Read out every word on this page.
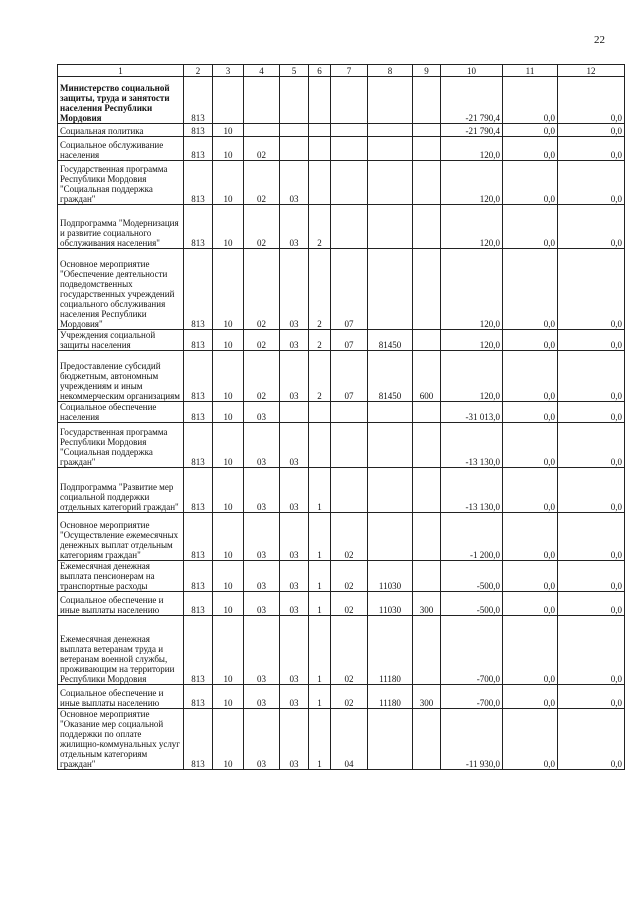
22
1	2	3	4	5	6	7	8	9	10	11	12
Министерство социальной защиты, труда и занятости населения Республики Мордовия	813								-21 790,4	0,0	0,0
Социальная политика	813	10							-21 790,4	0,0	0,0
Социальное обслуживание населения	813	10	02						120,0	0,0	0,0
Государственная программа Республики Мордовия "Социальная поддержка граждан"	813	10	02	03					120,0	0,0	0,0
Подпрограмма "Модернизация и развитие социального обслуживания населения"	813	10	02	03	2				120,0	0,0	0,0
Основное мероприятие "Обеспечение деятельности подведомственных государственных учреждений социального обслуживания населения Республики Мордовия"	813	10	02	03	2	07			120,0	0,0	0,0
Учреждения социальной защиты населения	813	10	02	03	2	07	81450		120,0	0,0	0,0
Предоставление субсидий бюджетным, автономным учреждениям и иным некоммерческим организациям	813	10	02	03	2	07	81450	600	120,0	0,0	0,0
Социальное обеспечение населения	813	10	03						-31 013,0	0,0	0,0
Государственная программа Республики Мордовия "Социальная поддержка граждан"	813	10	03	03					-13 130,0	0,0	0,0
Подпрограмма "Развитие мер социальной поддержки отдельных категорий граждан"	813	10	03	03	1				-13 130,0	0,0	0,0
Основное мероприятие "Осуществление ежемесячных денежных выплат отдельным категориям граждан"	813	10	03	03	1	02			-1 200,0	0,0	0,0
Ежемесячная денежная выплата пенсионерам на транспортные расходы	813	10	03	03	1	02	11030		-500,0	0,0	0,0
Социальное обеспечение и иные выплаты населению	813	10	03	03	1	02	11030	300	-500,0	0,0	0,0
Ежемесячная денежная выплата ветеранам труда и ветеранам военной службы, проживающим на территории Республики Мордовия	813	10	03	03	1	02	11180		-700,0	0,0	0,0
Социальное обеспечение и иные выплаты населению	813	10	03	03	1	02	11180	300	-700,0	0,0	0,0
Основное мероприятие "Оказание мер социальной поддержки по оплате жилищно-коммунальных услуг отдельным категориям граждан"	813	10	03	03	1	04			-11 930,0	0,0	0,0
